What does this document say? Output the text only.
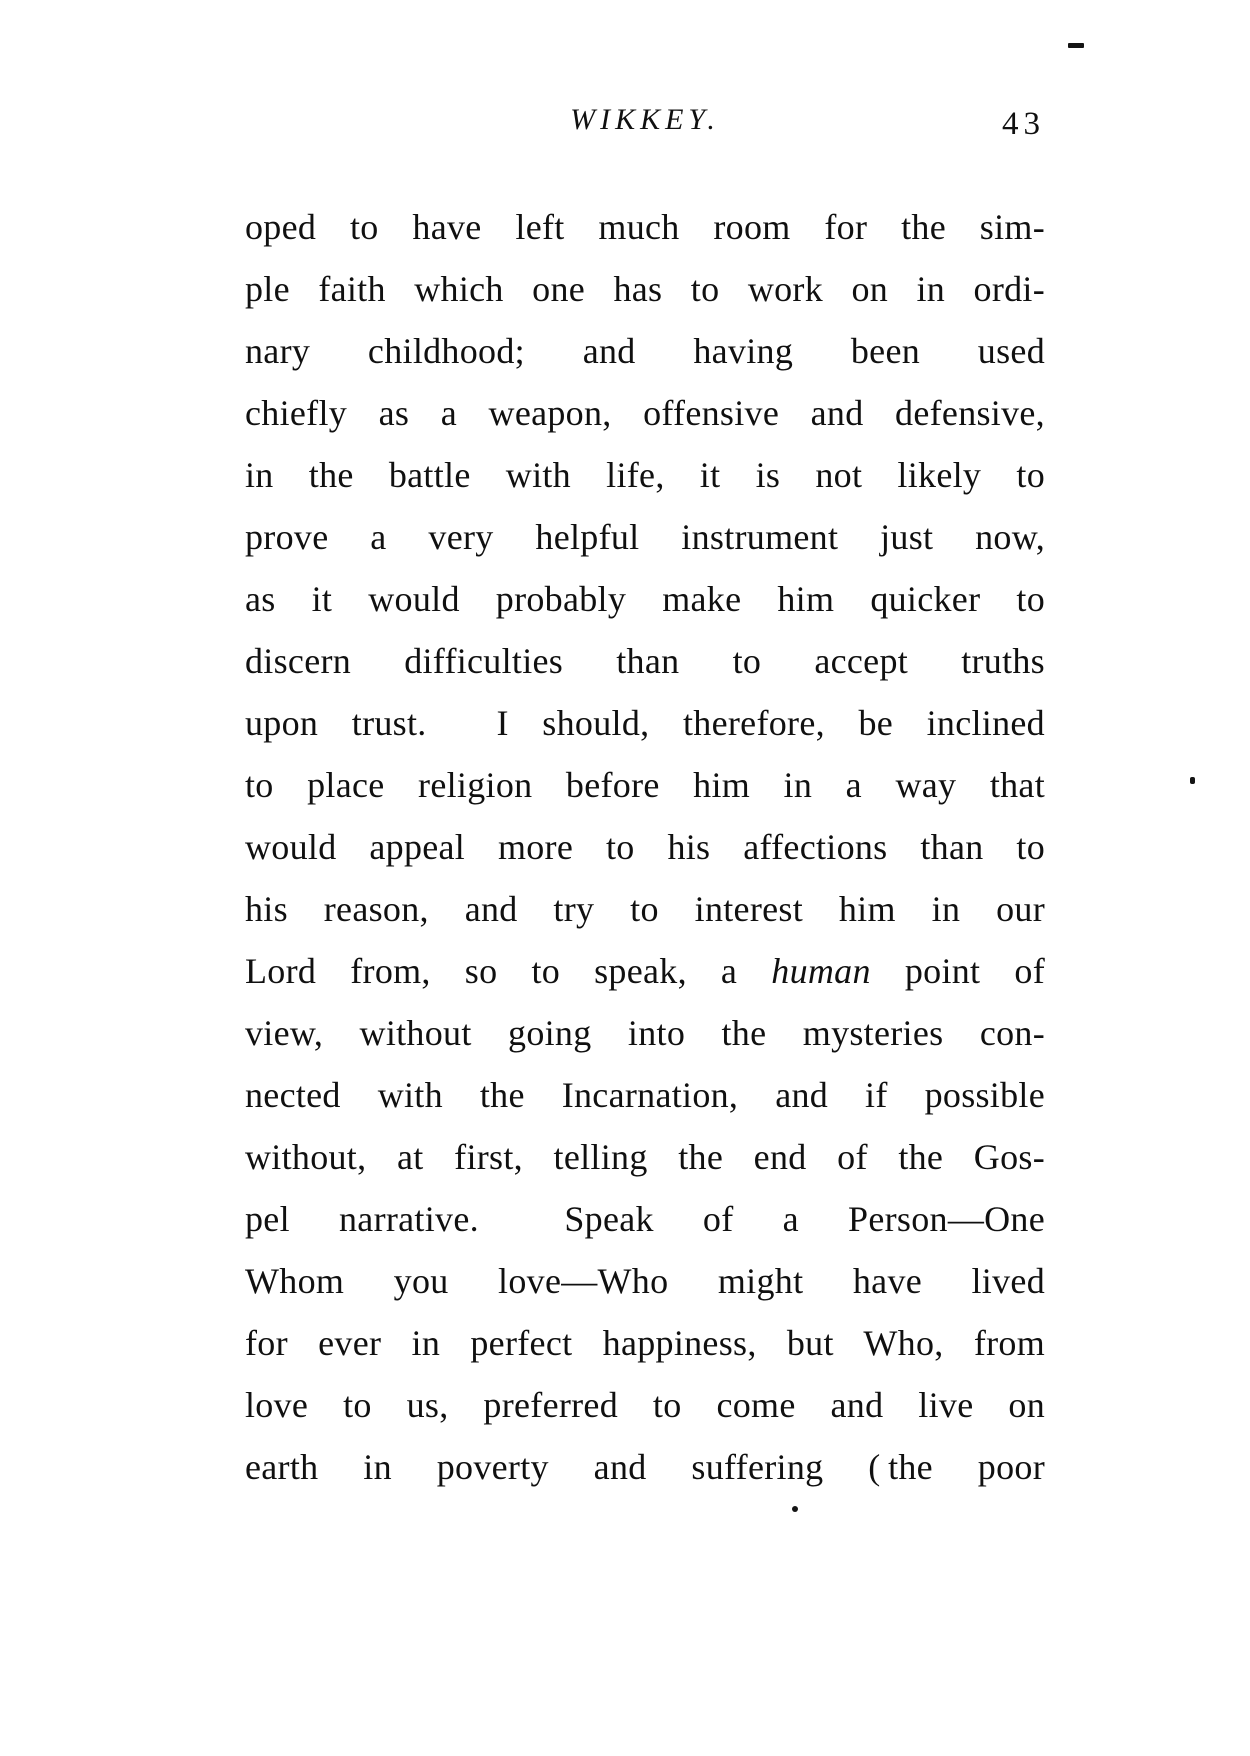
WIKKEY.	43
oped to have left much room for the sim-
ple faith which one has to work on in ordi-
nary childhood; and having been used
chiefly as a weapon, offensive and defensive,
in the battle with life, it is not likely to
prove a very helpful instrument just now,
as it would probably make him quicker to
discern difficulties than to accept truths
upon trust.  I should, therefore, be inclined
to place religion before him in a way that
would appeal more to his affections than to
his reason, and try to interest him in our
Lord from, so to speak, a human point of
view, without going into the mysteries con-
nected with the Incarnation, and if possible
without, at first, telling the end of the Gos-
pel narrative.  Speak of a Person—One
Whom you love—Who might have lived
for ever in perfect happiness, but Who, from
love to us, preferred to come and live on
earth in poverty and suffering ( the poor
